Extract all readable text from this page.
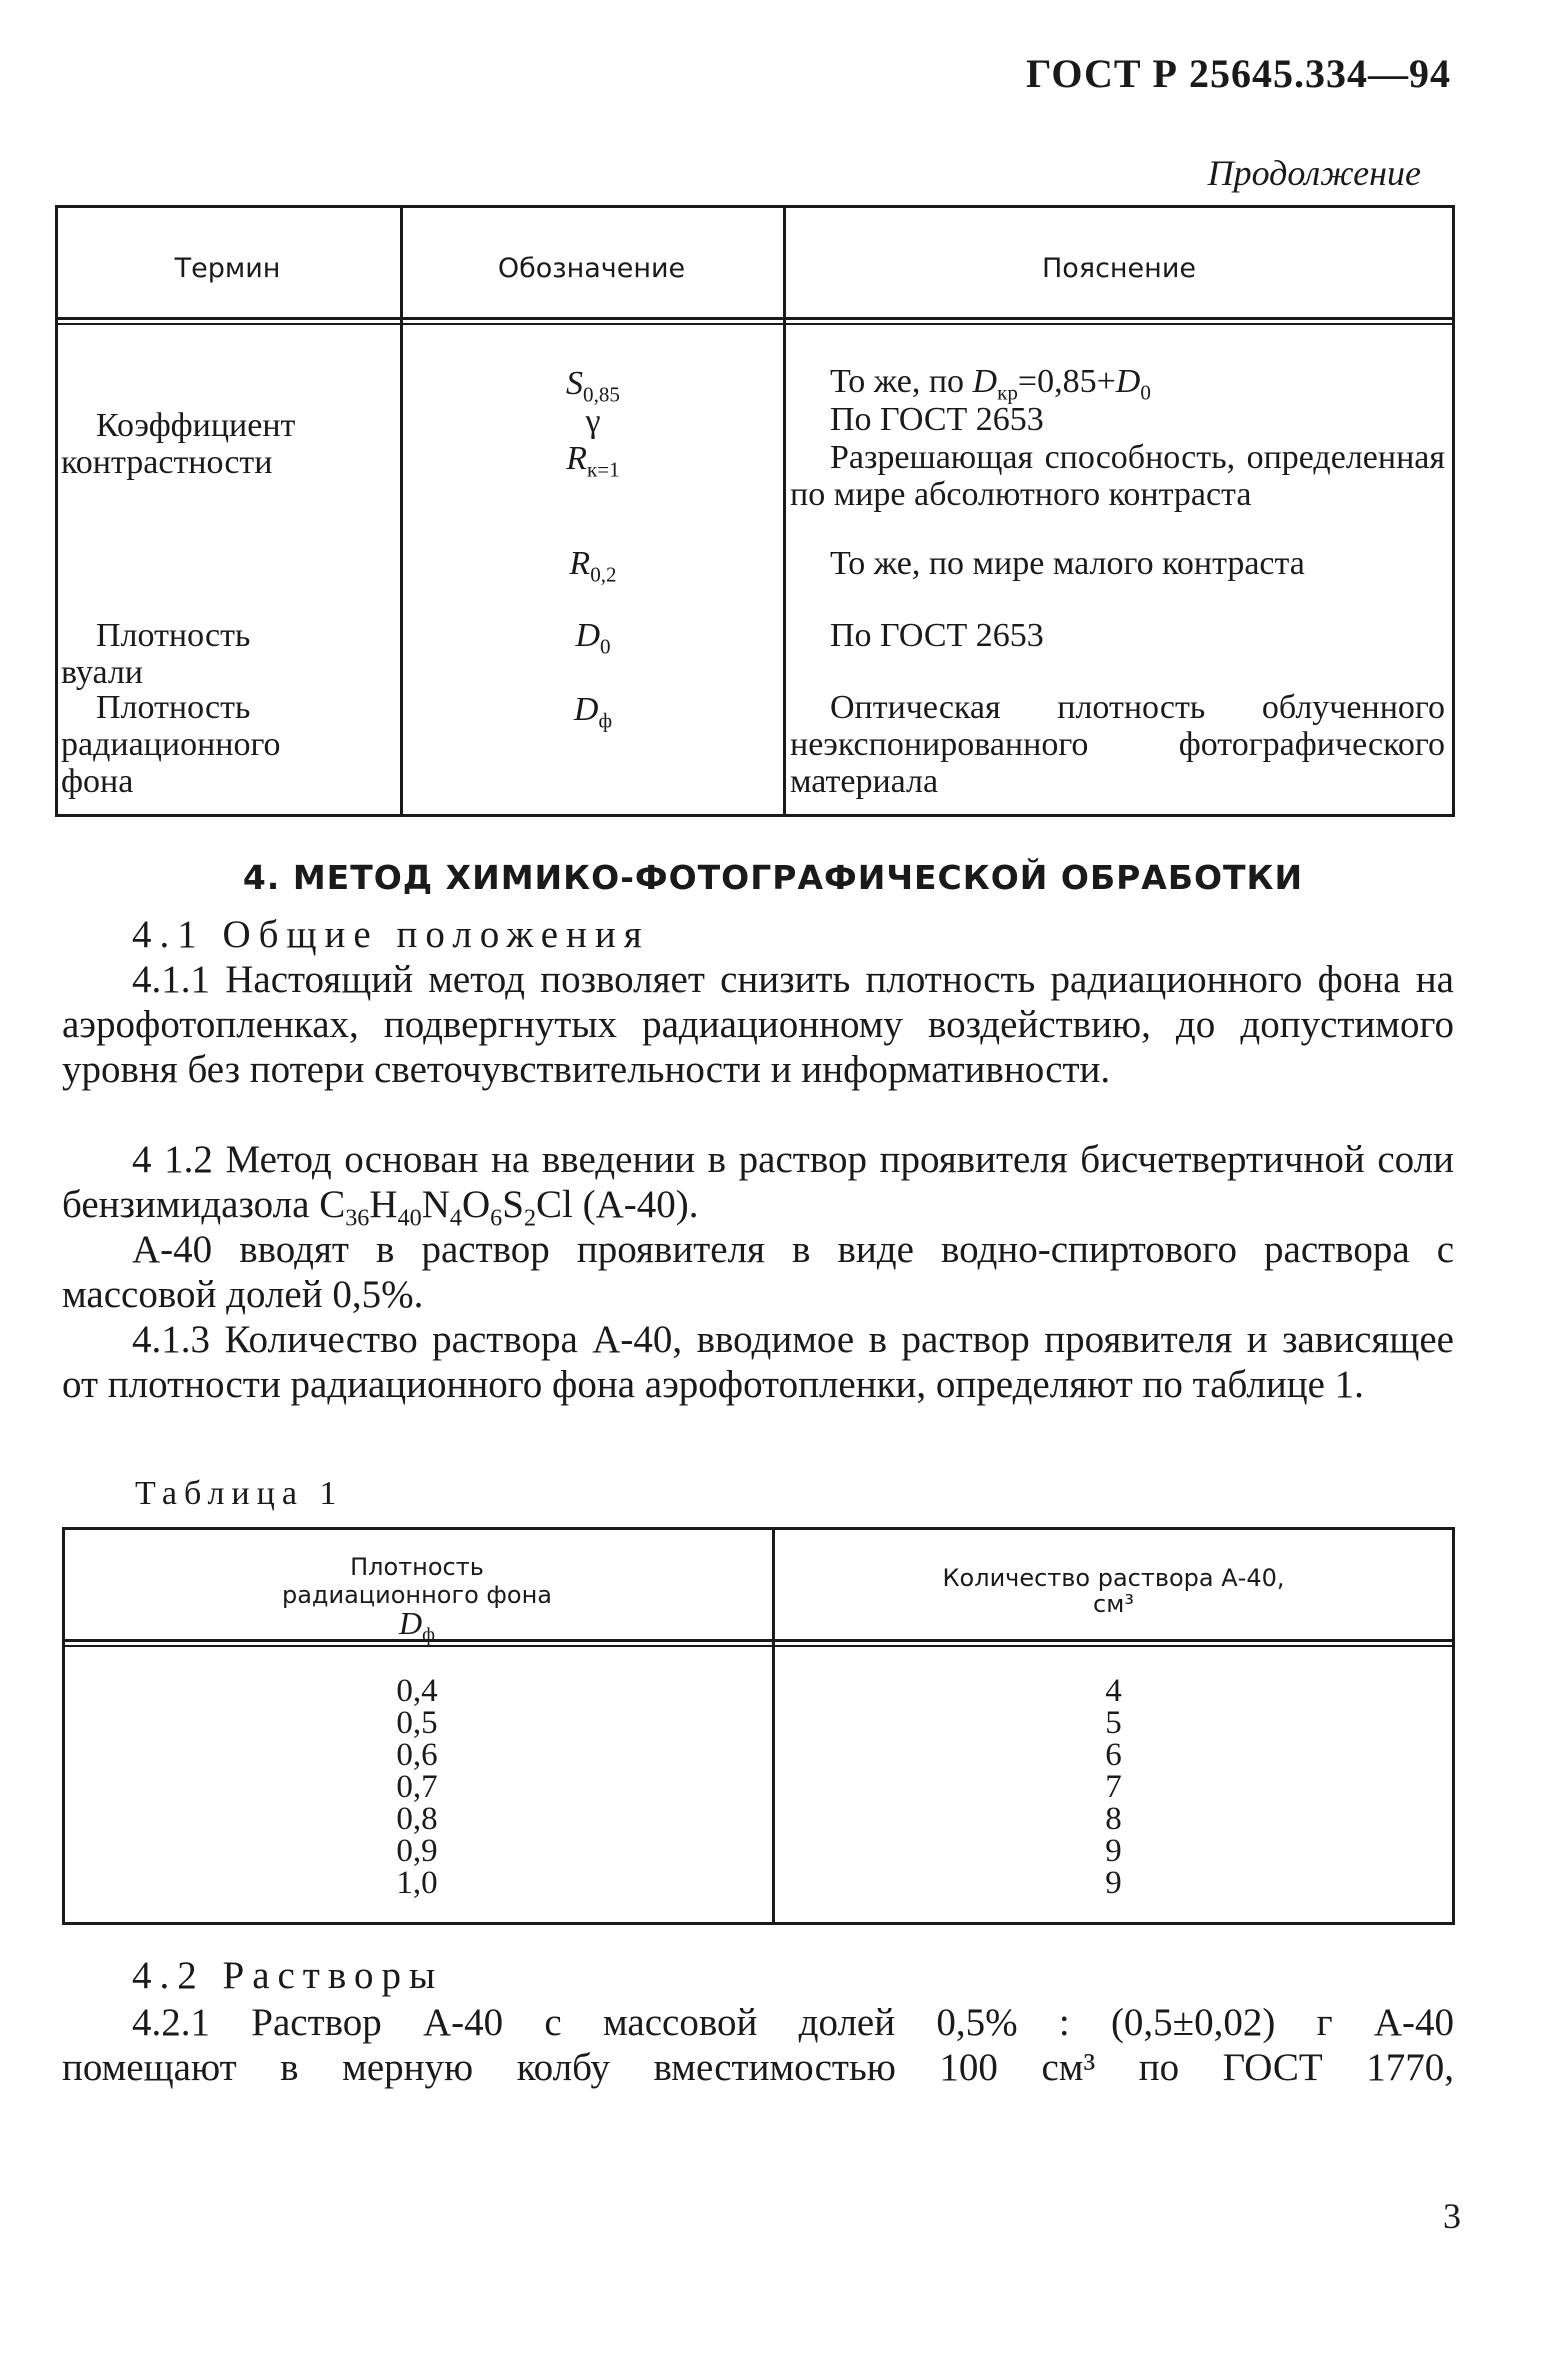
ГОСТ Р 25645.334—94
Продолжение
Термин	Обозначение	Пояснение
Коэффициент
контрастности
Плотность
вуали
Плотность
радиационного
фона
$S_{0,85}$
γ
$R_{к=1}$
$R_{0,2}$
$D_0$
$D_ф$
То же, по $D_{кр}=0,85+D_0$
По ГОСТ 2653
Разрешающая способность, определенная по мире абсолютного контраста
То же, по мире малого контраста
По ГОСТ 2653
Оптическая плотность облученного неэкспонированного фотографического материала
4. МЕТОД ХИМИКО-ФОТОГРАФИЧЕСКОЙ ОБРАБОТКИ
4.1 Общие положения
4.1.1 Настоящий метод позволяет снизить плотность радиационного фона на аэрофотопленках, подвергнутых радиационному воздействию, до допустимого уровня без потери светочувствительности и информативности.
4 1.2 Метод основан на введении в раствор проявителя бисчетвертичной соли бензимидазола $C_{36}H_{40}N_4O_6S_2Cl$ (А-40).
А-40 вводят в раствор проявителя в виде водно-спиртового раствора с массовой долей 0,5%.
4.1.3 Количество раствора А-40, вводимое в раствор проявителя и зависящее от плотности радиационного фона аэрофотопленки, определяют по таблице 1.
Таблица 1
Плотность
радиационного фона
$D_ф$
Количество раствора А-40,
см³
0,4
0,5
0,6
0,7
0,8
0,9
1,0
4
5
6
7
8
9
9
4.2 Растворы
4.2.1 Раствор А-40 с массовой долей 0,5% : (0,5±0,02) г А-40
помещают в мерную колбу вместимостью 100 см³ по ГОСТ 1770,
3
